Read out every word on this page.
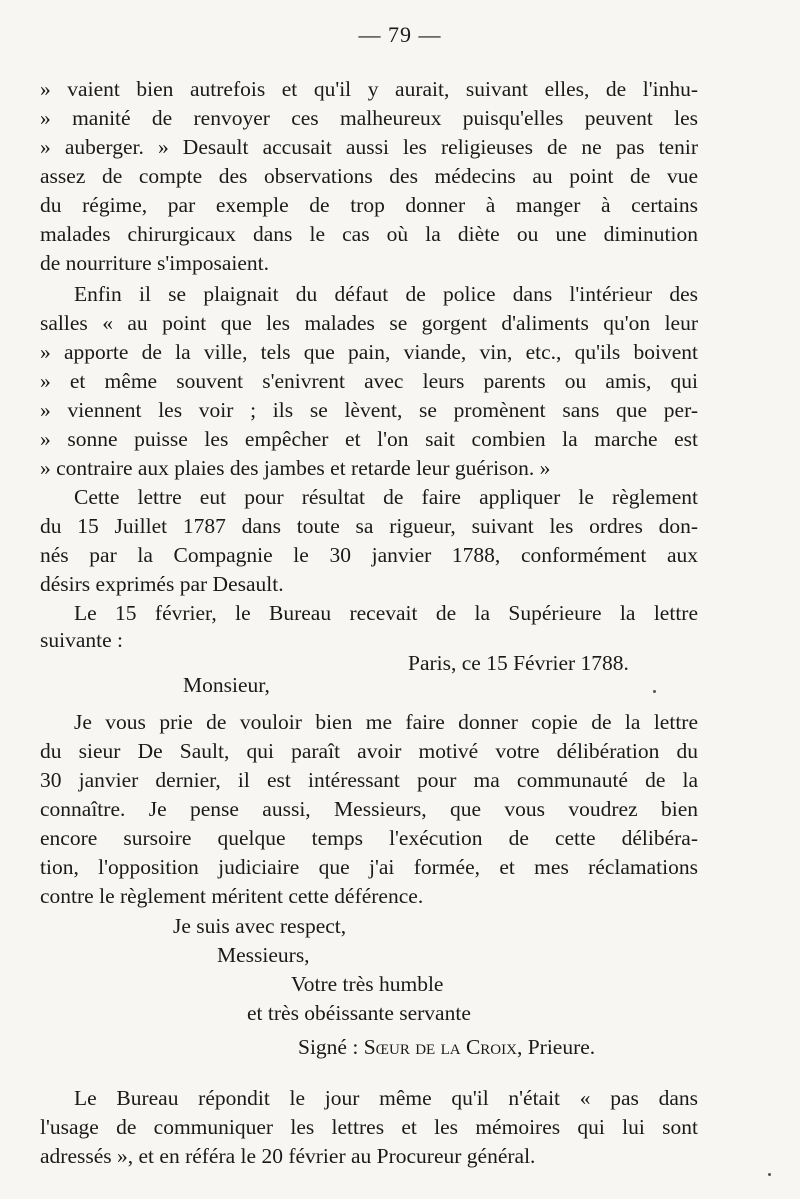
— 79 —
» vaient bien autrefois et qu'il y aurait, suivant elles, de l'inhu-
» manité de renvoyer ces malheureux puisqu'elles peuvent les
» auberger. » Desault accusait aussi les religieuses de ne pas tenir
assez de compte des observations des médecins au point de vue
du régime, par exemple de trop donner à manger à certains
malades chirurgicaux dans le cas où la diète ou une diminution
de nourriture s'imposaient.
Enfin il se plaignait du défaut de police dans l'intérieur des
salles « au point que les malades se gorgent d'aliments qu'on leur
» apporte de la ville, tels que pain, viande, vin, etc., qu'ils boivent
» et même souvent s'enivrent avec leurs parents ou amis, qui
» viennent les voir ; ils se lèvent, se promènent sans que per-
» sonne puisse les empêcher et l'on sait combien la marche est
» contraire aux plaies des jambes et retarde leur guérison. »
Cette lettre eut pour résultat de faire appliquer le règlement
du 15 Juillet 1787 dans toute sa rigueur, suivant les ordres don-
nés par la Compagnie le 30 janvier 1788, conformément aux
désirs exprimés par Desault.
Le 15 février, le Bureau recevait de la Supérieure la lettre
suivante :
Paris, ce 15 Février 1788.
Monsieur,
Je vous prie de vouloir bien me faire donner copie de la lettre
du sieur De Sault, qui paraît avoir motivé votre délibération du
30 janvier dernier, il est intéressant pour ma communauté de la
connaître. Je pense aussi, Messieurs, que vous voudrez bien
encore sursoire quelque temps l'exécution de cette délibéra-
tion, l'opposition judiciaire que j'ai formée, et mes réclamations
contre le règlement méritent cette déférence.
Je suis avec respect,
Messieurs,
Votre très humble
et très obéissante servante
Signé : Sœur de la Croix, Prieure.
Le Bureau répondit le jour même qu'il n'était « pas dans
l'usage de communiquer les lettres et les mémoires qui lui sont
adressés », et en référa le 20 février au Procureur général.
